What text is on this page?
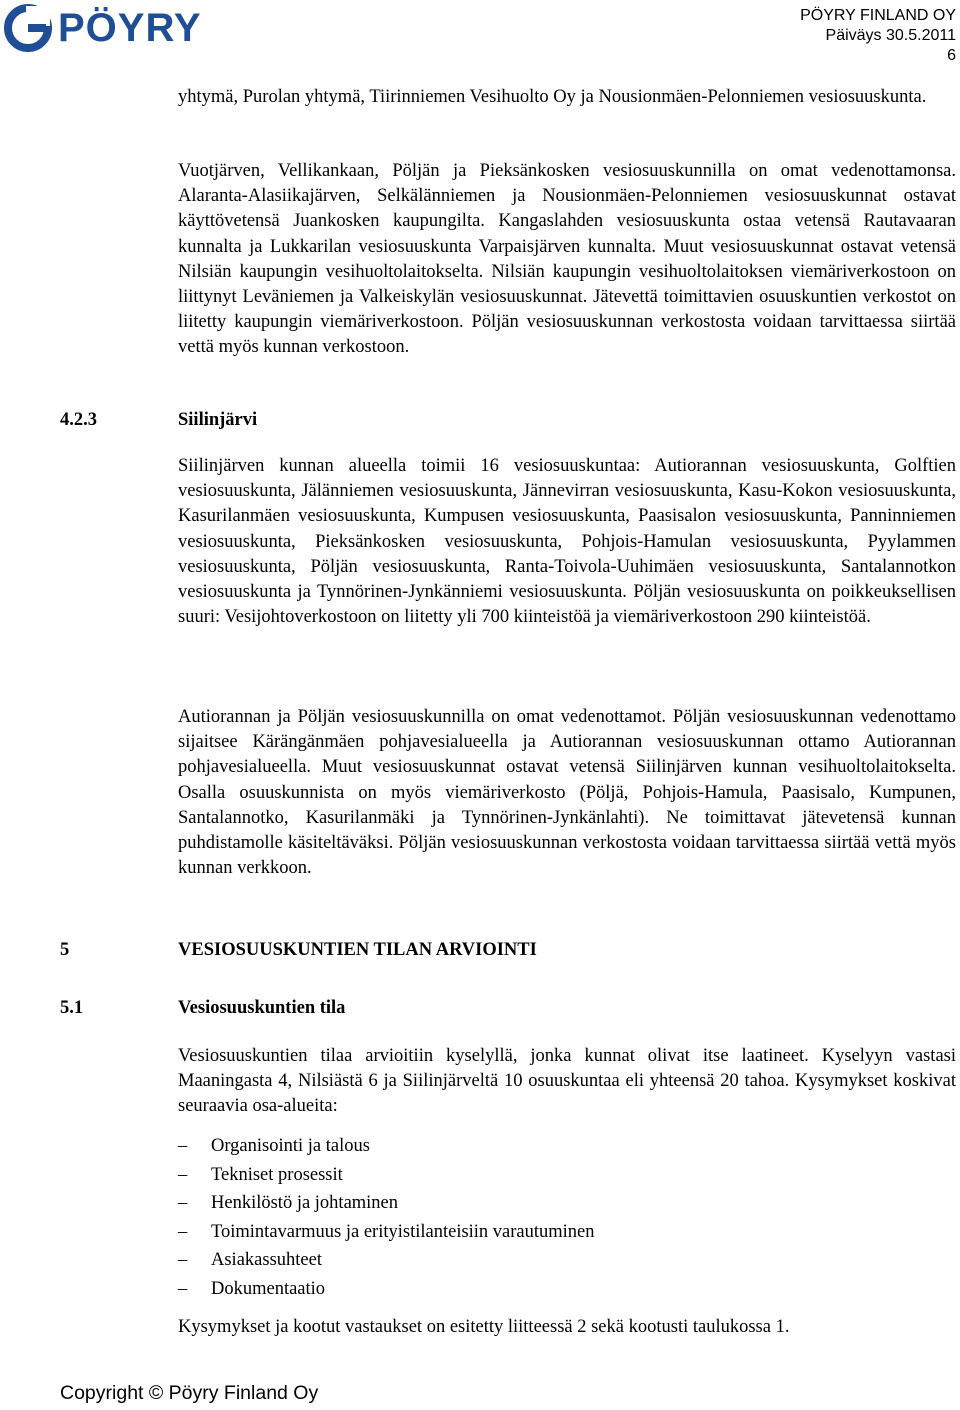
PÖYRY	PÖYRY FINLAND OY
Päiväys 30.5.2011
6
yhtymä, Purolan yhtymä, Tiirinniemen Vesihuolto Oy ja Nousionmäen-Pelonniemen vesiosuuskunta.
Vuotjärven, Vellikankaan, Pöljän ja Pieksänkosken vesiosuuskunnilla on omat vedenottamonsa. Alaranta-Alasiikajärven, Selkälänniemen ja Nousionmäen-Pelonniemen vesiosuuskunnat ostavat käyttövetensä Juankosken kaupungilta. Kangaslahden vesiosuuskunta ostaa vetensä Rautavaaran kunnalta ja Lukkarilan vesiosuuskunta Varpaisjärven kunnalta. Muut vesiosuuskunnat ostavat vetensä Nilsiän kaupungin vesihuoltolaitokselta. Nilsiän kaupungin vesihuoltolaitoksen viemäriverkostoon on liittynyt Leväniemen ja Valkeiskylän vesiosuuskunnat. Jätevettä toimittavien osuuskuntien verkostot on liitetty kaupungin viemäriverkostoon. Pöljän vesiosuuskunnan verkostosta voidaan tarvittaessa siirtää vettä myös kunnan verkostoon.
4.2.3	Siilinjärvi
Siilinjärven kunnan alueella toimii 16 vesiosuuskuntaa: Autiorannan vesiosuuskunta, Golftien vesiosuuskunta, Jälänniemen vesiosuuskunta, Jännevirran vesiosuuskunta, Kasu-Kokon vesiosuuskunta, Kasurilanmäen vesiosuuskunta, Kumpusen vesiosuuskunta, Paasisalon vesiosuuskunta, Panninniemen vesiosuuskunta, Pieksänkosken vesiosuuskunta, Pohjois-Hamulan vesiosuuskunta, Pyylammen vesiosuuskunta, Pöljän vesiosuuskunta, Ranta-Toivola-Uuhimäen vesiosuuskunta, Santalannotkon vesiosuuskunta ja Tynnörinen-Jynkänniemi vesiosuuskunta. Pöljän vesiosuuskunta on poikkeuksellisen suuri: Vesijohtoverkostoon on liitetty yli 700 kiinteistöä ja viemäriverkostoon 290 kiinteistöä.
Autiorannan ja Pöljän vesiosuuskunnilla on omat vedenottamot. Pöljän vesiosuuskunnan vedenottamo sijaitsee Kärängänmäen pohjavesialueella ja Autiorannan vesiosuuskunnan ottamo Autiorannan pohjavesialueella. Muut vesiosuuskunnat ostavat vetensä Siilinjärven kunnan vesihuoltolaitokselta. Osalla osuuskunnista on myös viemäriverkosto (Pöljä, Pohjois-Hamula, Paasisalo, Kumpunen, Santalannotko, Kasurilanmäki ja Tynnörinen-Jynkänlahti). Ne toimittavat jätevetensä kunnan puhdistamolle käsiteltäväksi. Pöljän vesiosuuskunnan verkostosta voidaan tarvittaessa siirtää vettä myös kunnan verkkoon.
5	VESIOSUUSKUNTIEN TILAN ARVIOINTI
5.1	Vesiosuuskuntien tila
Vesiosuuskuntien tilaa arvioitiin kyselyllä, jonka kunnat olivat itse laatineet. Kyselyyn vastasi Maaningasta 4, Nilsiästä 6 ja Siilinjärveltä 10 osuuskuntaa eli yhteensä 20 tahoa. Kysymykset koskivat seuraavia osa-alueita:
–	Organisointi ja talous
–	Tekniset prosessit
–	Henkilöstö ja johtaminen
–	Toimintavarmuus ja erityistilanteisiin varautuminen
–	Asiakassuhteet
–	Dokumentaatio
Kysymykset ja kootut vastaukset on esitetty liitteessä 2 sekä kootusti taulukossa 1.
Copyright © Pöyry Finland Oy
